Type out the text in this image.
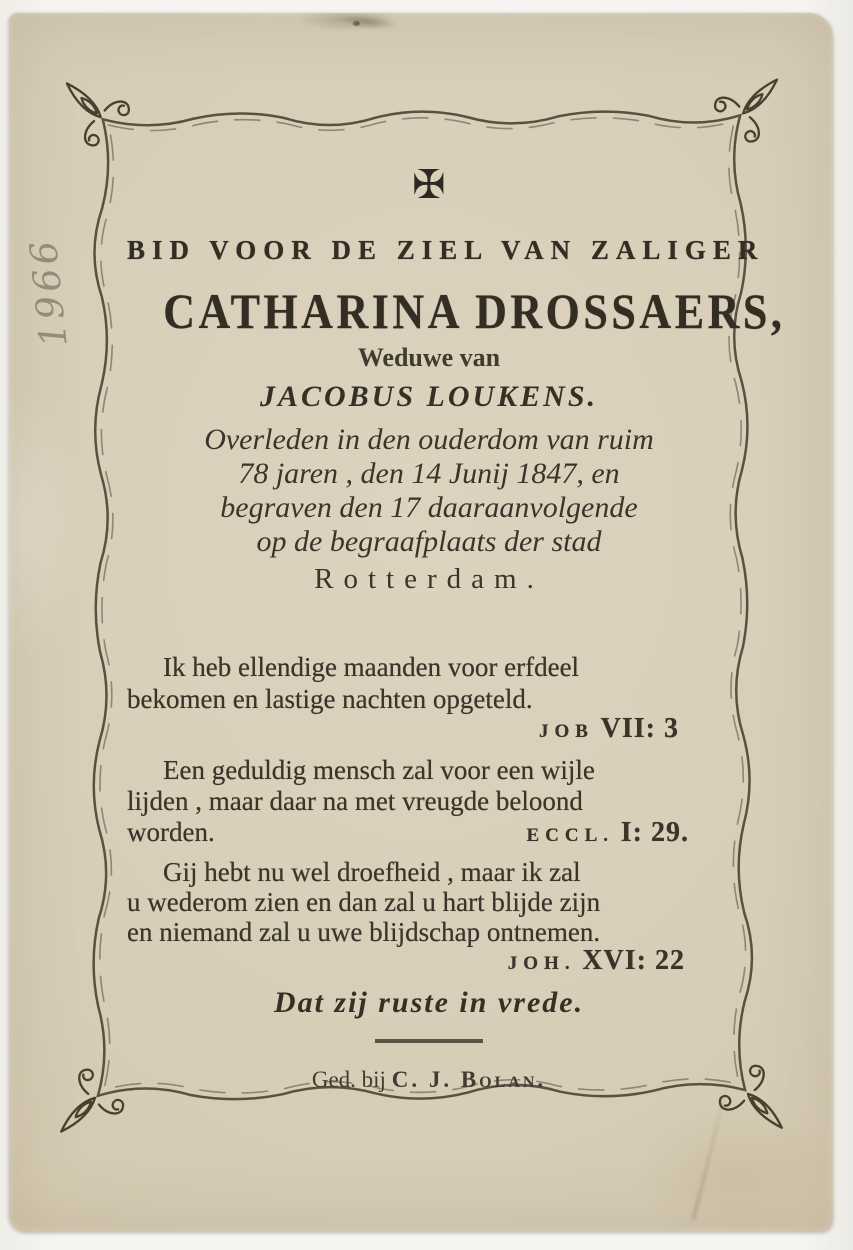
1966
✠
BID VOOR DE ZIEL VAN ZALIGER
CATHARINA DROSSAERS,
Weduwe van
JACOBUS LOUKENS.
Overleden in den ouderdom van ruim
78 jaren , den 14 Junij 1847, en
begraven den 17 daaraanvolgende
op de begraafplaats der stad
Rotterdam.
Ik heb ellendige maanden voor erfdeel
bekomen en lastige nachten opgeteld.
JOB VII: 3
Een geduldig mensch zal voor een wijle
lijden , maar daar na met vreugde beloond
worden.	ECCL. I: 29.
Gij hebt nu wel droefheid , maar ik zal
u wederom zien en dan zal u hart blijde zijn
en niemand zal u uwe blijdschap ontnemen.
JOH. XVI: 22
Dat zij ruste in vrede.
Ged. bij C. J. Bolan.
